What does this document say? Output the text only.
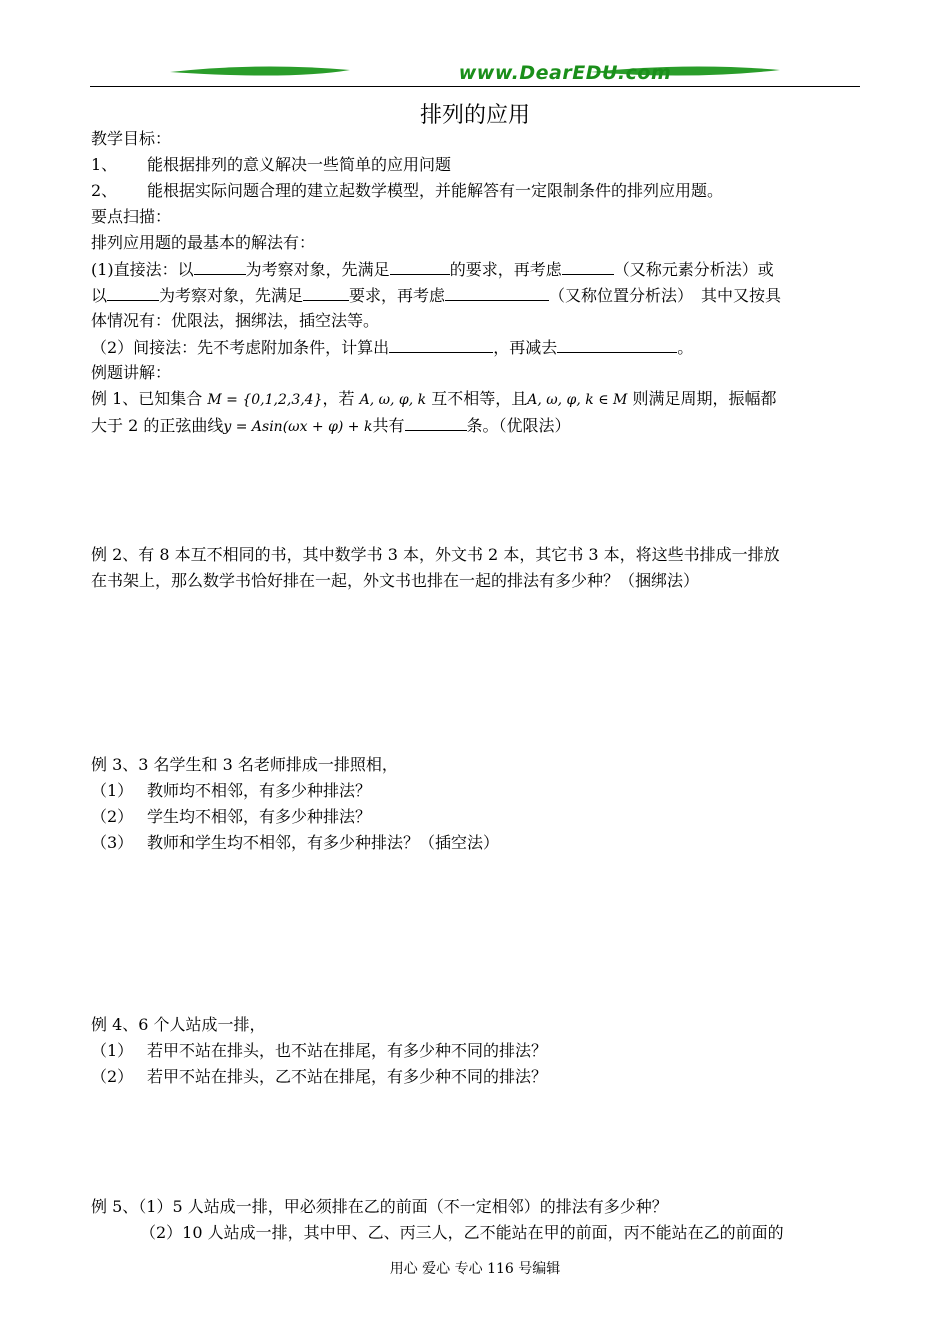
www.DearEDU.com
排列的应用
教学目标：
1、 能根据排列的意义解决一些简单的应用问题
2、 能根据实际问题合理的建立起数学模型，并能解答有一定限制条件的排列应用题。
要点扫描：
排列应用题的最基本的解法有：
(1)直接法：以	为考察对象，先满足	的要求，再考虑	（又称元素分析法）或
以	为考察对象，先满足	要求，再考虑	（又称位置分析法）　其中又按具
体情况有：优限法，捆绑法，插空法等。
（2）间接法：先不考虑附加条件，计算出	，再减去	。
例题讲解：
例 1、已知集合 M = {0,1,2,3,4}，若 A, ω, φ, k 互不相等，且A, ω, φ, k ∈ M 则满足周期，振幅都
大于 2 的正弦曲线y = Asin(ωx + φ) + k共有	条。（优限法）
例 2、有 8 本互不相同的书，其中数学书 3 本，外文书 2 本，其它书 3 本，将这些书排成一排放
在书架上，那么数学书恰好排在一起，外文书也排在一起的排法有多少种？（捆绑法）
例 3、3 名学生和 3 名老师排成一排照相，
（1） 教师均不相邻，有多少种排法？
（2） 学生均不相邻，有多少种排法？
（3） 教师和学生均不相邻，有多少种排法？（插空法）
例 4、6 个人站成一排，
（1） 若甲不站在排头，也不站在排尾，有多少种不同的排法？
（2） 若甲不站在排头，乙不站在排尾，有多少种不同的排法？
例 5、（1）5 人站成一排，甲必须排在乙的前面（不一定相邻）的排法有多少种？
（2）10 人站成一排，其中甲、乙、丙三人，乙不能站在甲的前面，丙不能站在乙的前面的
用心 爱心 专心 116 号编辑
